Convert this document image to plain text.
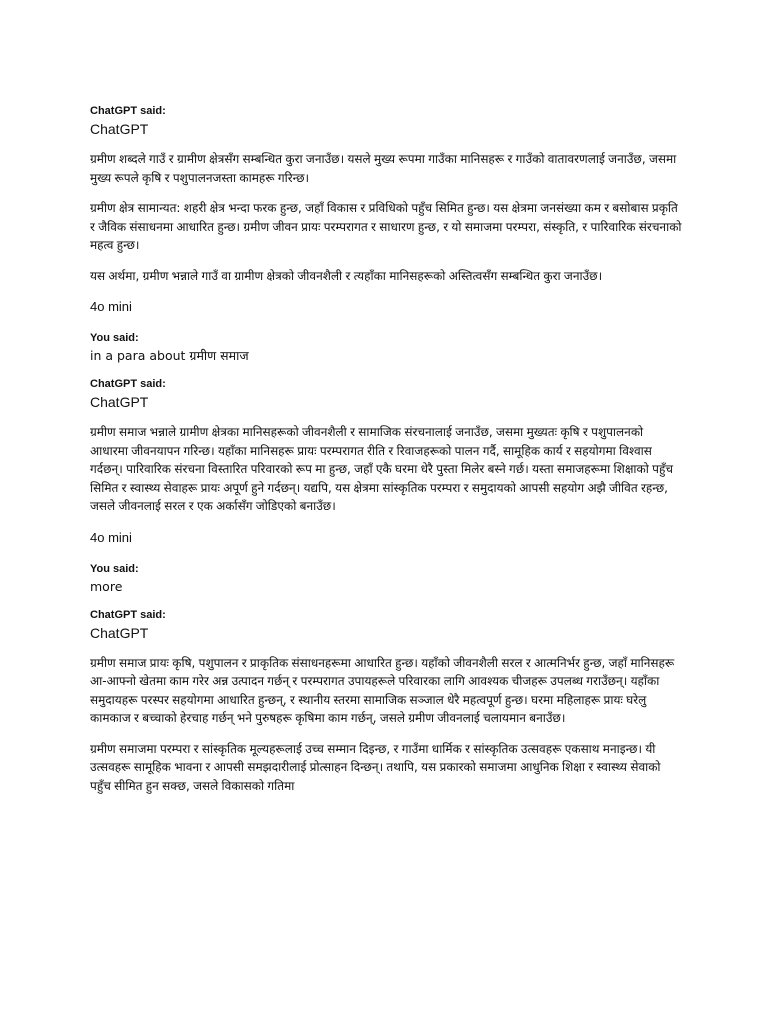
ChatGPT said:

ChatGPT

ग्रमीण शब्दले गाउँ र ग्रामीण क्षेत्रसँग सम्बन्धित कुरा जनाउँछ। यसले मुख्य रूपमा गाउँका मानिसहरू र गाउँको वातावरणलाई जनाउँछ, जसमा मुख्य रूपले कृषि र पशुपालनजस्ता कामहरू गरिन्छ।

ग्रमीण क्षेत्र सामान्यत: शहरी क्षेत्र भन्दा फरक हुन्छ, जहाँ विकास र प्रविधिको पहुँच सिमित हुन्छ। यस क्षेत्रमा जनसंख्या कम र बसोबास प्रकृति र जैविक संसाधनमा आधारित हुन्छ। ग्रमीण जीवन प्रायः परम्परागत र साधारण हुन्छ, र यो समाजमा परम्परा, संस्कृति, र पारिवारिक संरचनाको महत्व हुन्छ।

यस अर्थमा, ग्रमीण भन्नाले गाउँ वा ग्रामीण क्षेत्रको जीवनशैली र त्यहाँका मानिसहरूको अस्तित्वसँग सम्बन्धित कुरा जनाउँछ।

4o mini

You said:

in a para about ग्रमीण समाज

ChatGPT said:

ChatGPT

ग्रमीण समाज भन्नाले ग्रामीण क्षेत्रका मानिसहरूको जीवनशैली र सामाजिक संरचनालाई जनाउँछ, जसमा मुख्यतः कृषि र पशुपालनको आधारमा जीवनयापन गरिन्छ। यहाँका मानिसहरू प्रायः परम्परागत रीति र रिवाजहरूको पालन गर्दै, सामूहिक कार्य र सहयोगमा विश्वास गर्दछन्। पारिवारिक संरचना विस्तारित परिवारको रूप मा हुन्छ, जहाँ एकै घरमा धेरै पुस्ता मिलेर बस्ने गर्छ। यस्ता समाजहरूमा शिक्षाको पहुँच सिमित र स्वास्थ्य सेवाहरू प्रायः अपूर्ण हुने गर्दछन्। यद्यपि, यस क्षेत्रमा सांस्कृतिक परम्परा र समुदायको आपसी सहयोग अझै जीवित रहन्छ, जसले जीवनलाई सरल र एक अर्कासँग जोडिएको बनाउँछ।

4o mini

You said:

more

ChatGPT said:

ChatGPT

ग्रमीण समाज प्रायः कृषि, पशुपालन र प्राकृतिक संसाधनहरूमा आधारित हुन्छ। यहाँको जीवनशैली सरल र आत्मनिर्भर हुन्छ, जहाँ मानिसहरू आ-आफ्नो खेतमा काम गरेर अन्न उत्पादन गर्छन् र परम्परागत उपायहरूले परिवारका लागि आवश्यक चीजहरू उपलब्ध गराउँछन्। यहाँका समुदायहरू परस्पर सहयोगमा आधारित हुन्छन्, र स्थानीय स्तरमा सामाजिक सञ्जाल धेरै महत्वपूर्ण हुन्छ। घरमा महिलाहरू प्रायः घरेलु कामकाज र बच्चाको हेरचाह गर्छन् भने पुरुषहरू कृषिमा काम गर्छन्, जसले ग्रमीण जीवनलाई चलायमान बनाउँछ।

ग्रमीण समाजमा परम्परा र सांस्कृतिक मूल्यहरूलाई उच्च सम्मान दिइन्छ, र गाउँमा धार्मिक र सांस्कृतिक उत्सवहरू एकसाथ मनाइन्छ। यी उत्सवहरू सामूहिक भावना र आपसी समझदारीलाई प्रोत्साहन दिन्छन्। तथापि, यस प्रकारको समाजमा आधुनिक शिक्षा र स्वास्थ्य सेवाको पहुँच सीमित हुन सक्छ, जसले विकासको गतिमा
